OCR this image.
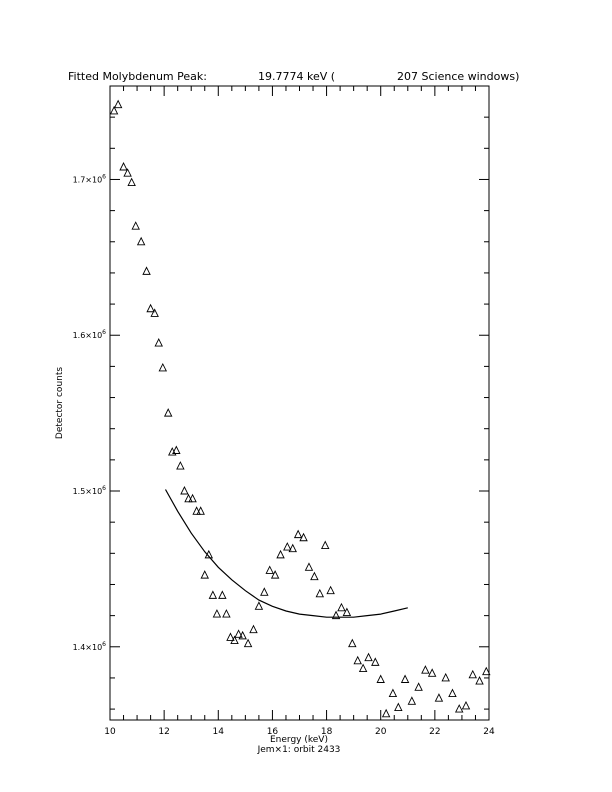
Fitted Molybdenum Peak:	19.7774 keV (	207 Science windows)
Energy (keV)
Jem×1: orbit 2433
Detector counts
10	12	14	16	18	20	22	24
$1.4\times 10^6$
$1.5\times 10^6$
$1.6\times 10^6$
$1.7\times 10^6$
